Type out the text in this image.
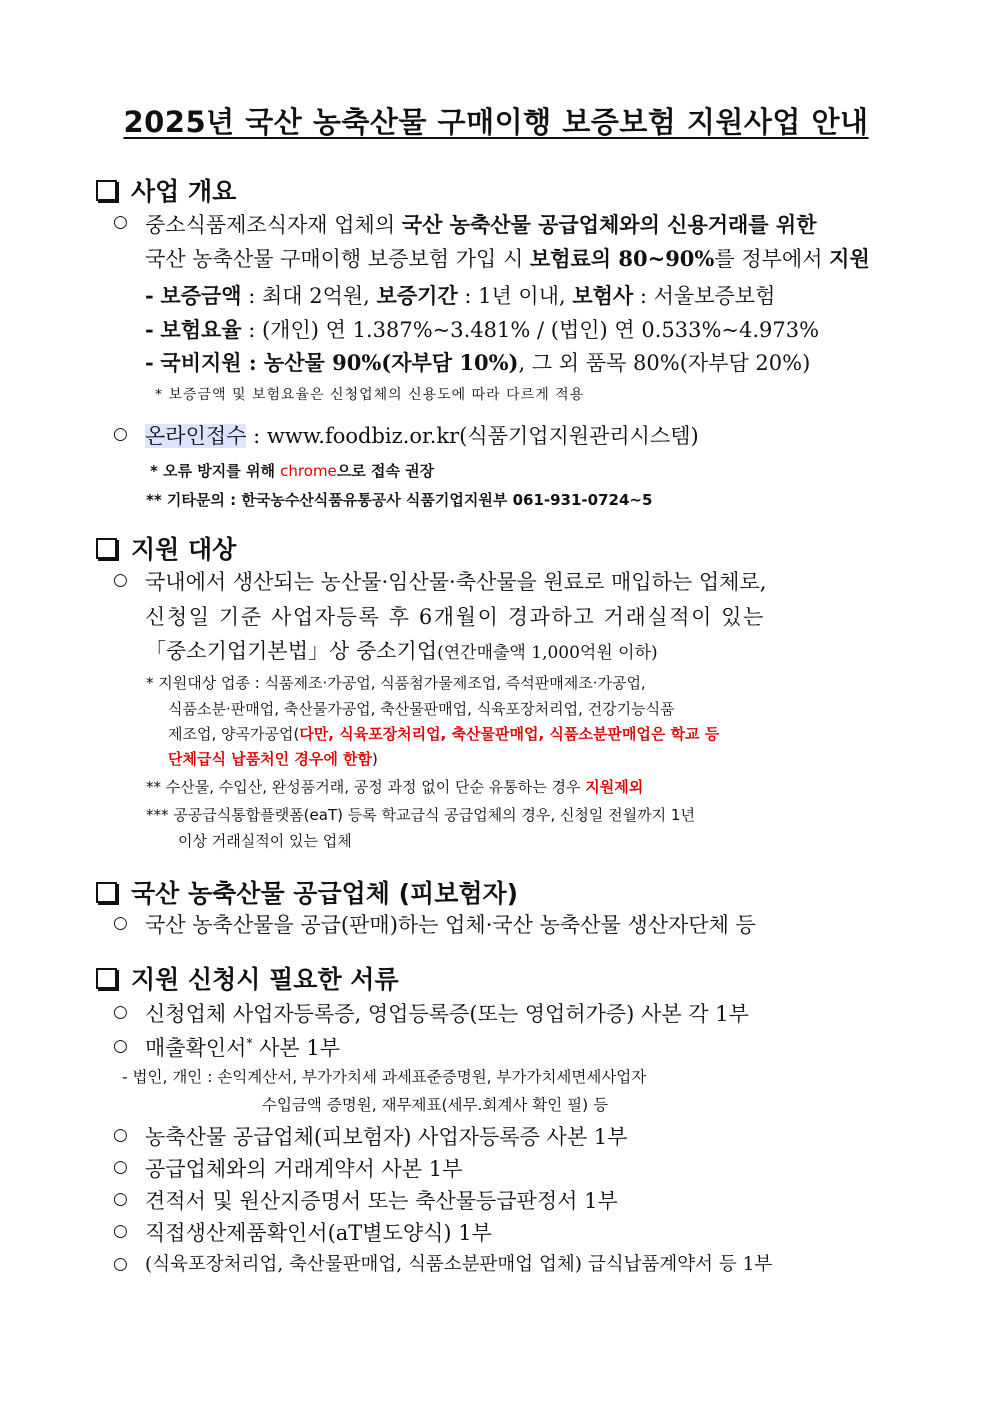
2025년 국산 농축산물 구매이행 보증보험 지원사업 안내
사업 개요
○ 중소식품제조식자재 업체의 국산 농축산물 공급업체와의 신용거래를 위한
국산 농축산물 구매이행 보증보험 가입 시 보험료의 80~90%를 정부에서 지원
- 보증금액 : 최대 2억원, 보증기간 : 1년 이내, 보험사 : 서울보증보험
- 보험요율 : (개인) 연 1.387%~3.481% / (법인) 연 0.533%~4.973%
- 국비지원 : 농산물 90%(자부담 10%), 그 외 품목 80%(자부담 20%)
* 보증금액 및 보험요율은 신청업체의 신용도에 따라 다르게 적용
○ 온라인접수 : www.foodbiz.or.kr(식품기업지원관리시스템)
* 오류 방지를 위해 chrome으로 접속 권장
** 기타문의 : 한국농수산식품유통공사 식품기업지원부 061-931-0724~5
지원 대상
○ 국내에서 생산되는 농산물·임산물·축산물을 원료로 매입하는 업체로,
신청일 기준 사업자등록 후 6개월이 경과하고 거래실적이 있는
「중소기업기본법」상 중소기업(연간매출액 1,000억원 이하)
* 지원대상 업종 : 식품제조·가공업, 식품첨가물제조업, 즉석판매제조·가공업,
식품소분·판매업, 축산물가공업, 축산물판매업, 식육포장처리업, 건강기능식품
제조업, 양곡가공업(다만, 식육포장처리업, 축산물판매업, 식품소분판매업은 학교 등
단체급식 납품처인 경우에 한함)
** 수산물, 수입산, 완성품거래, 공정 과정 없이 단순 유통하는 경우 지원제외
*** 공공급식통합플랫폼(eaT) 등록 학교급식 공급업체의 경우, 신청일 전월까지 1년
이상 거래실적이 있는 업체
국산 농축산물 공급업체 (피보험자)
○ 국산 농축산물을 공급(판매)하는 업체·국산 농축산물 생산자단체 등
지원 신청시 필요한 서류
○ 신청업체 사업자등록증, 영업등록증(또는 영업허가증) 사본 각 1부
○ 매출확인서* 사본 1부
- 법인, 개인 : 손익계산서, 부가가치세 과세표준증명원, 부가가치세면세사업자
수입금액 증명원, 재무제표(세무.회계사 확인 필) 등
○ 농축산물 공급업체(피보험자) 사업자등록증 사본 1부
○ 공급업체와의 거래계약서 사본 1부
○ 견적서 및 원산지증명서 또는 축산물등급판정서 1부
○ 직접생산제품확인서(aT별도양식) 1부
○ (식육포장처리업, 축산물판매업, 식품소분판매업 업체) 급식납품계약서 등 1부
